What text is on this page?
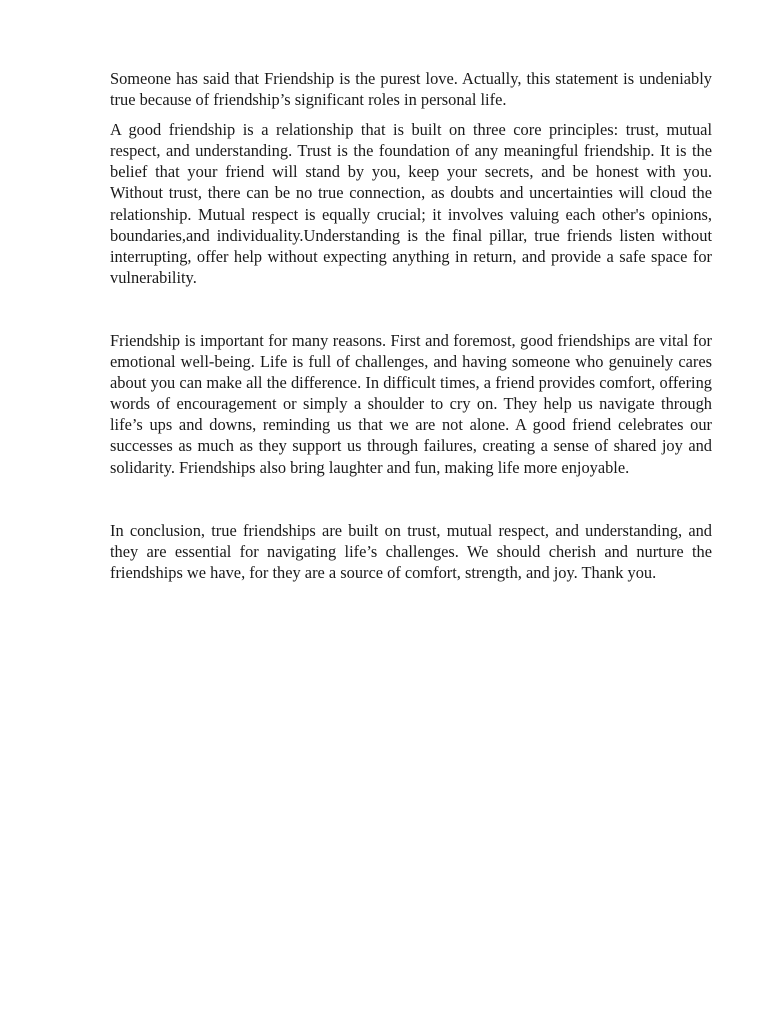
Someone has said that Friendship is the purest love. Actually, this statement is undeniably true because of friendship’s significant roles in personal life.

A good friendship is a relationship that is built on three core principles: trust, mutual respect, and understanding. Trust is the foundation of any meaningful friendship. It is the belief that your friend will stand by you, keep your secrets, and be honest with you. Without trust, there can be no true connection, as doubts and uncertainties will cloud the relationship. Mutual respect is equally crucial; it involves valuing each other's opinions, boundaries,and individuality.Understanding is the final pillar, true friends listen without interrupting, offer help without expecting anything in return, and provide a safe space for vulnerability.

Friendship is important for many reasons. First and foremost, good friendships are vital for emotional well-being. Life is full of challenges, and having someone who genuinely cares about you can make all the difference. In difficult times, a friend provides comfort, offering words of encouragement or simply a shoulder to cry on. They help us navigate through life’s ups and downs, reminding us that we are not alone. A good friend celebrates our successes as much as they support us through failures, creating a sense of shared joy and solidarity. Friendships also bring laughter and fun, making life more enjoyable.

In conclusion, true friendships are built on trust, mutual respect, and understanding, and they are essential for navigating life’s challenges. We should cherish and nurture the friendships we have, for they are a source of comfort, strength, and joy. Thank you.
